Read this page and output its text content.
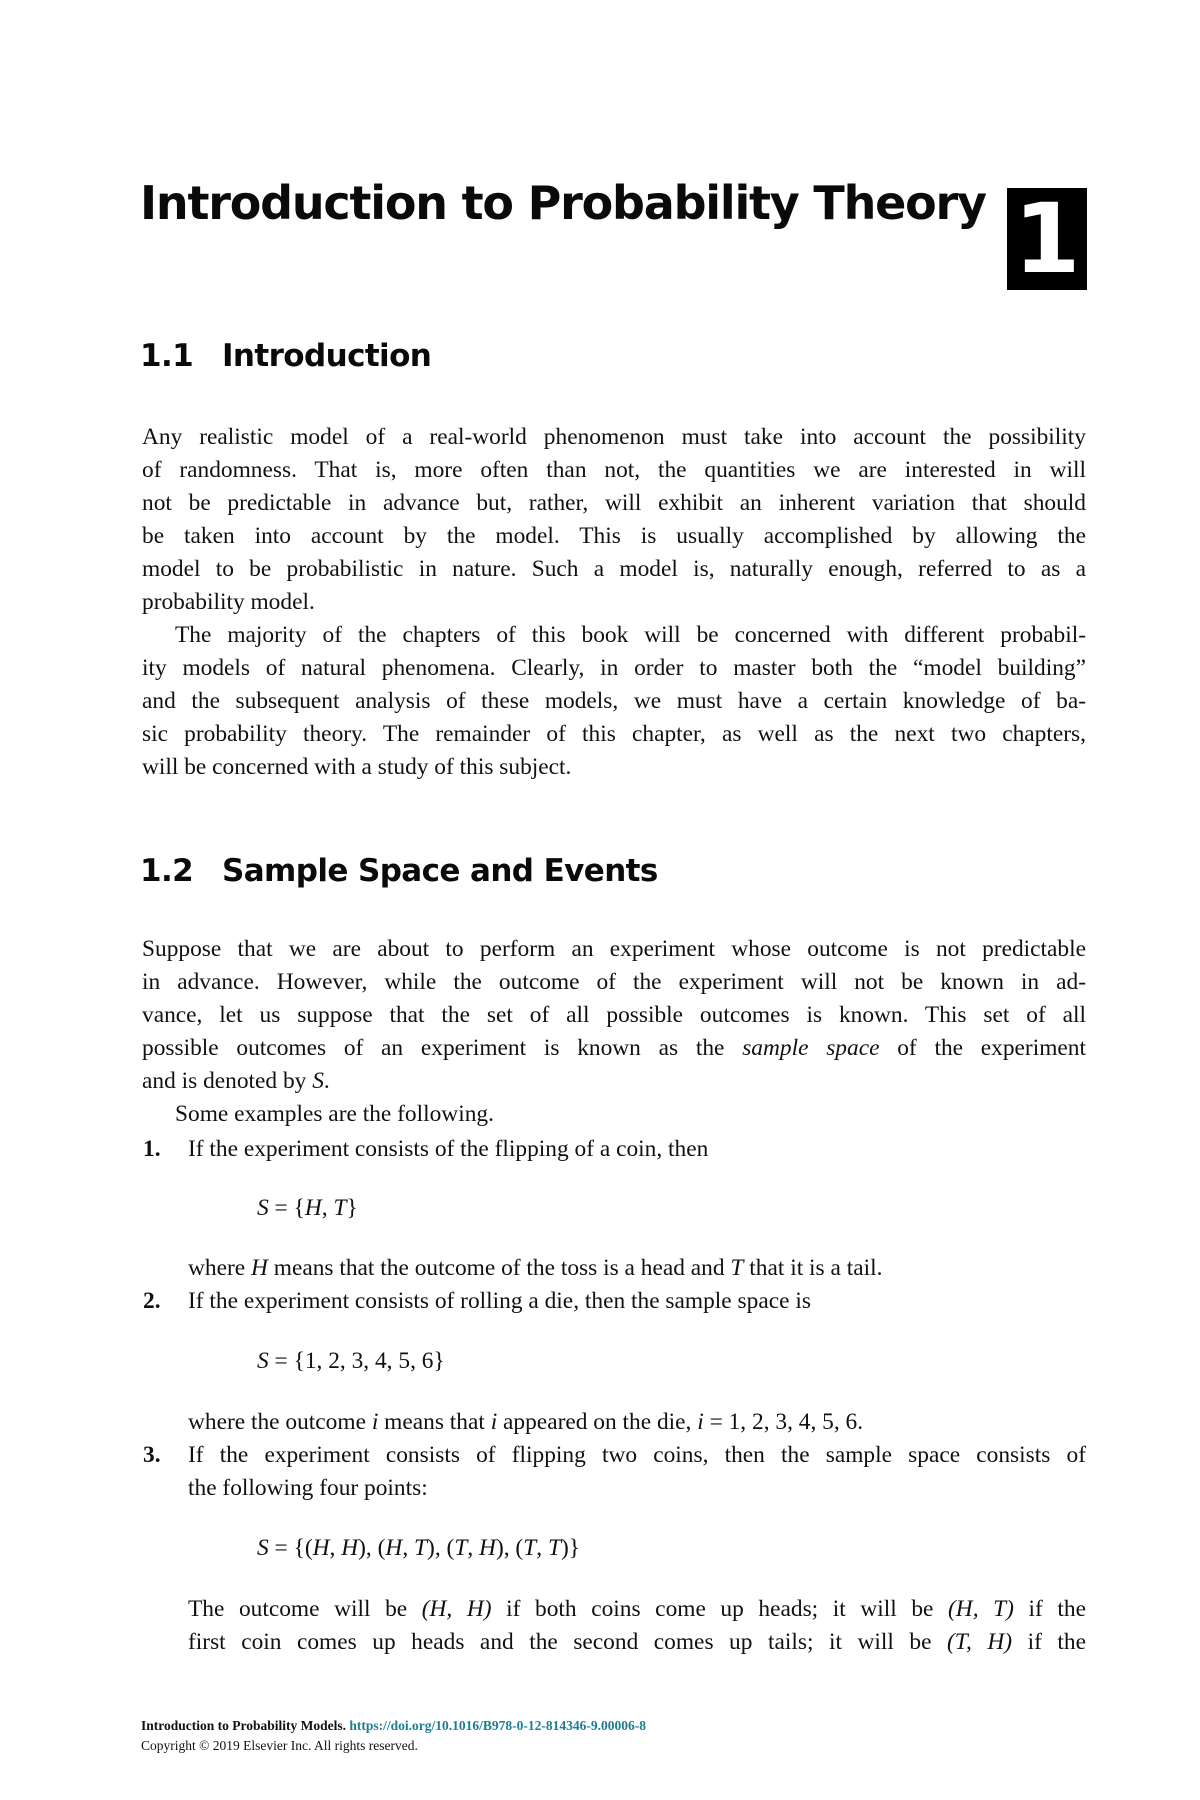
Introduction to Probability Theory 1
1.1 Introduction
Any realistic model of a real-world phenomenon must take into account the possibility
of randomness. That is, more often than not, the quantities we are interested in will
not be predictable in advance but, rather, will exhibit an inherent variation that should
be taken into account by the model. This is usually accomplished by allowing the
model to be probabilistic in nature. Such a model is, naturally enough, referred to as a
probability model.
The majority of the chapters of this book will be concerned with different probabil-
ity models of natural phenomena. Clearly, in order to master both the “model building”
and the subsequent analysis of these models, we must have a certain knowledge of ba-
sic probability theory. The remainder of this chapter, as well as the next two chapters,
will be concerned with a study of this subject.
1.2 Sample Space and Events
Suppose that we are about to perform an experiment whose outcome is not predictable
in advance. However, while the outcome of the experiment will not be known in ad-
vance, let us suppose that the set of all possible outcomes is known. This set of all
possible outcomes of an experiment is known as the sample space of the experiment
and is denoted by S.
Some examples are the following.
1. If the experiment consists of the flipping of a coin, then
S = {H, T}
where H means that the outcome of the toss is a head and T that it is a tail.
2. If the experiment consists of rolling a die, then the sample space is
S = {1, 2, 3, 4, 5, 6}
where the outcome i means that i appeared on the die, i = 1, 2, 3, 4, 5, 6.
3. If the experiment consists of flipping two coins, then the sample space consists of
the following four points:
S = {(H, H), (H, T), (T, H), (T, T)}
The outcome will be (H, H) if both coins come up heads; it will be (H, T) if the
first coin comes up heads and the second comes up tails; it will be (T, H) if the
Introduction to Probability Models. https://doi.org/10.1016/B978-0-12-814346-9.00006-8
Copyright © 2019 Elsevier Inc. All rights reserved.
